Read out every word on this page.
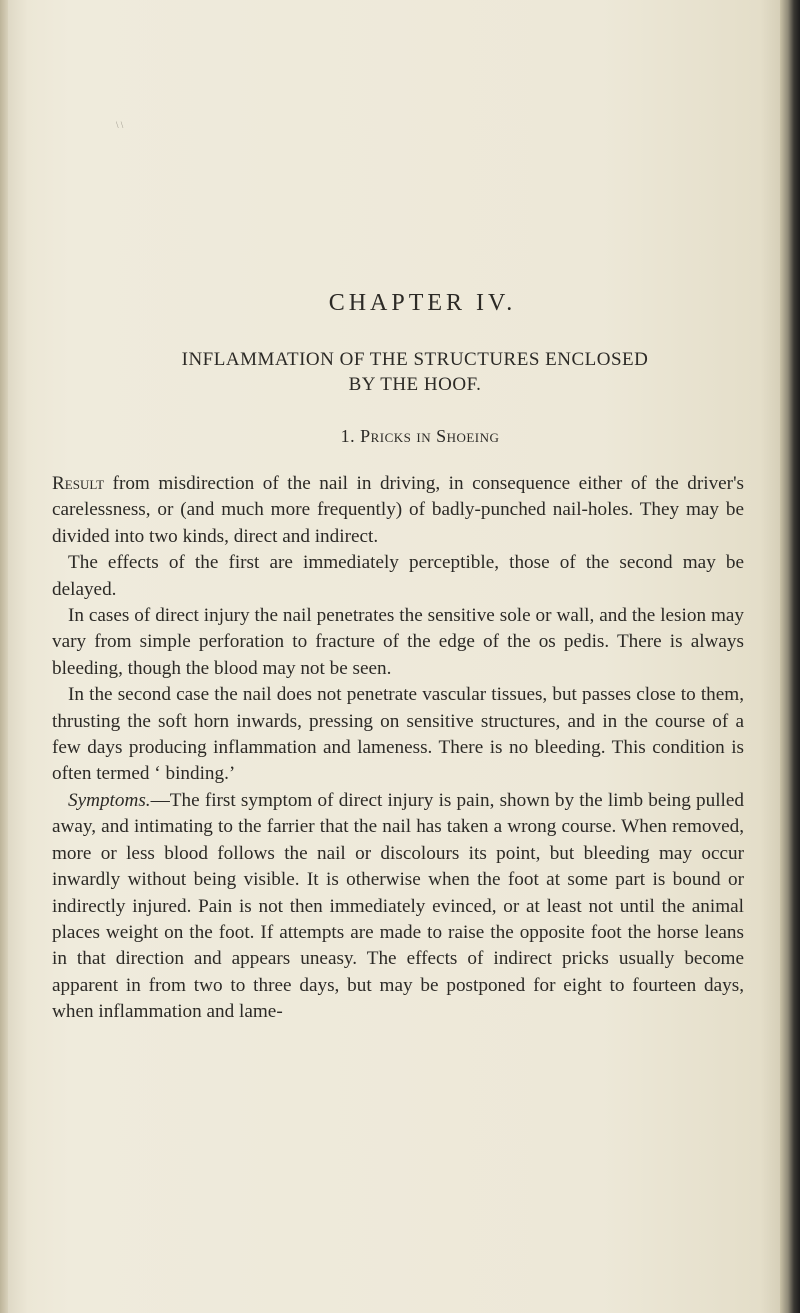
\ \
CHAPTER IV.
INFLAMMATION OF THE STRUCTURES ENCLOSED
BY THE HOOF.
1. Pricks in Shoeing

Result from misdirection of the nail in driving, in consequence either of the driver's carelessness, or (and much more frequently) of badly-punched nail-holes. They may be divided into two kinds, direct and indirect.

The effects of the first are immediately perceptible, those of the second may be delayed.

In cases of direct injury the nail penetrates the sensitive sole or wall, and the lesion may vary from simple perforation to fracture of the edge of the os pedis. There is always bleeding, though the blood may not be seen.

In the second case the nail does not penetrate vascular tissues, but passes close to them, thrusting the soft horn inwards, pressing on sensitive structures, and in the course of a few days producing inflammation and lameness. There is no bleeding. This condition is often termed ‘ binding.’

Symptoms.—The first symptom of direct injury is pain, shown by the limb being pulled away, and intimating to the farrier that the nail has taken a wrong course. When removed, more or less blood follows the nail or discolours its point, but bleeding may occur inwardly without being visible. It is otherwise when the foot at some part is bound or indirectly injured. Pain is not then immediately evinced, or at least not until the animal places weight on the foot. If attempts are made to raise the opposite foot the horse leans in that direction and appears uneasy. The effects of indirect pricks usually become apparent in from two to three days, but may be postponed for eight to fourteen days, when inflammation and lame-
